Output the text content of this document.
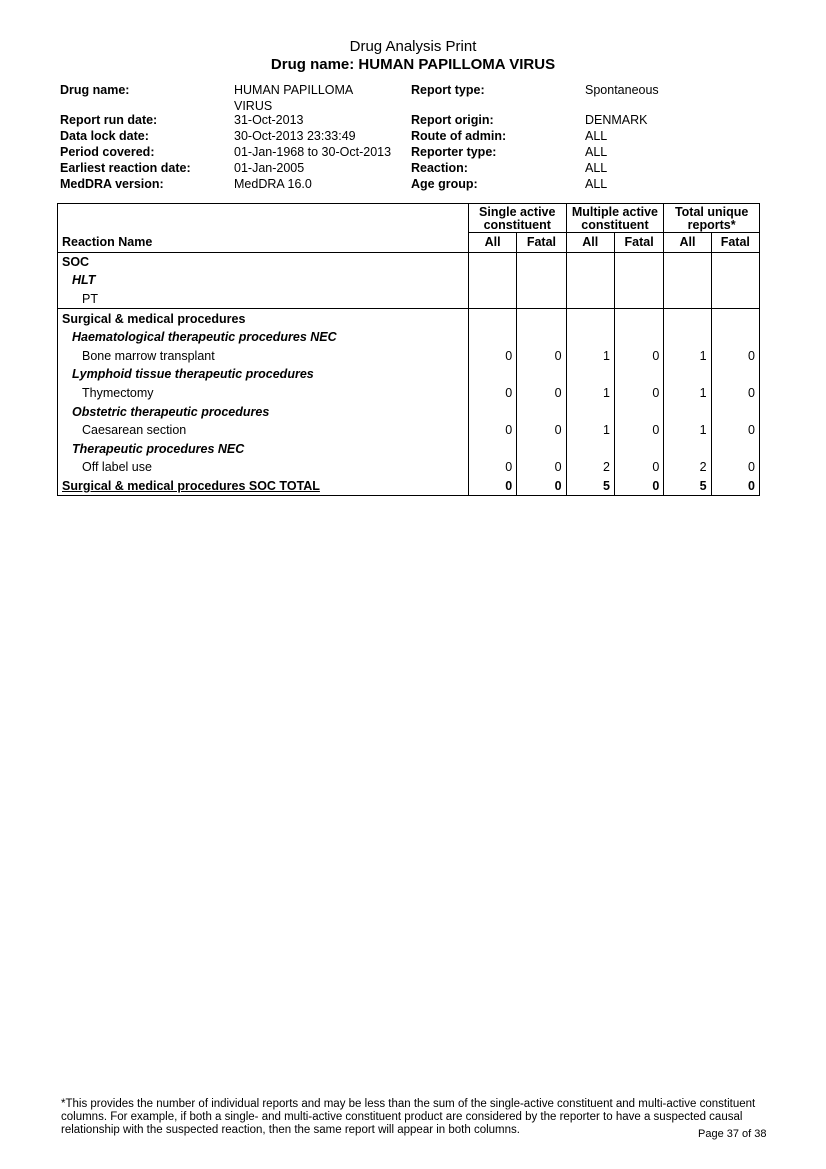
Drug Analysis Print
Drug name: HUMAN PAPILLOMA VIRUS
Drug name:	HUMAN PAPILLOMA VIRUS
Report run date:	31-Oct-2013
Data lock date:	30-Oct-2013 23:33:49
Period covered:	01-Jan-1968 to 30-Oct-2013
Earliest reaction date:	01-Jan-2005
MedDRA version:	MedDRA 16.0
Report type:	Spontaneous
Report origin:	DENMARK
Route of admin:	ALL
Reporter type:	ALL
Reaction:	ALL
Age group:	ALL
	Single active constituent		Multiple active constituent		Total unique reports*	
Reaction Name	All	Fatal	All	Fatal	All	Fatal
SOC						
HLT						
PT						
Surgical & medical procedures						
Haematological therapeutic procedures NEC						
Bone marrow transplant	0	0	1	0	1	0
Lymphoid tissue therapeutic procedures						
Thymectomy	0	0	1	0	1	0
Obstetric therapeutic procedures						
Caesarean section	0	0	1	0	1	0
Therapeutic procedures NEC						
Off label use	0	0	2	0	2	0
Surgical & medical procedures SOC TOTAL	0	0	5	0	5	0
*This provides the number of individual reports and may be less than the sum of the single-active constituent and multi-active constituent columns. For example, if both a single- and multi-active constituent product are considered by the reporter to have a suspected causal relationship with the suspected reaction, then the same report will appear in both columns.	Page 37 of 38
